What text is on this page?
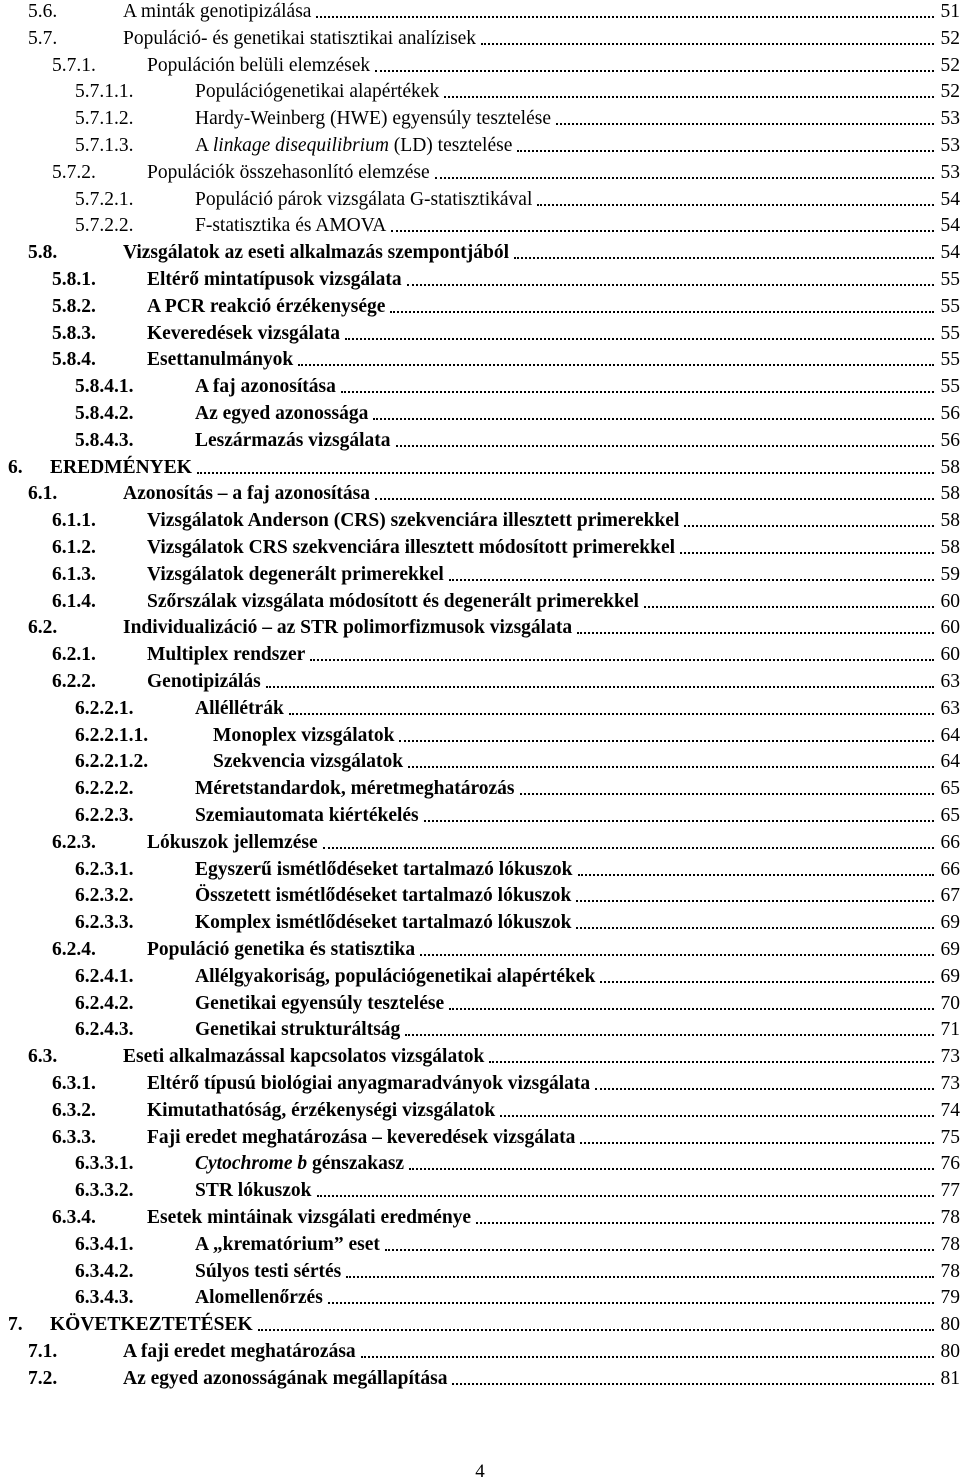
5.6.	A minták genotipizálása	51
5.7.	Populáció- és genetikai statisztikai analízisek	52
5.7.1.	Populáción belüli elemzések	52
5.7.1.1.	Populációgenetikai alapértékek	52
5.7.1.2.	Hardy-Weinberg (HWE) egyensúly tesztelése	53
5.7.1.3.	A linkage disequilibrium (LD) tesztelése	53
5.7.2.	Populációk összehasonlító elemzése	53
5.7.2.1.	Populáció párok vizsgálata G-statisztikával	54
5.7.2.2.	F-statisztika és AMOVA	54
5.8.	Vizsgálatok az eseti alkalmazás szempontjából	54
5.8.1.	Eltérő mintatípusok vizsgálata	55
5.8.2.	A PCR reakció érzékenysége	55
5.8.3.	Keveredések vizsgálata	55
5.8.4.	Esettanulmányok	55
5.8.4.1.	A faj azonosítása	55
5.8.4.2.	Az egyed azonossága	56
5.8.4.3.	Leszármazás vizsgálata	56
6. EREDMÉNYEK	58
6.1.	Azonosítás – a faj azonosítása	58
6.1.1.	Vizsgálatok Anderson (CRS) szekvenciára illesztett primerekkel	58
6.1.2.	Vizsgálatok CRS szekvenciára illesztett módosított primerekkel	58
6.1.3.	Vizsgálatok degenerált primerekkel	59
6.1.4.	Szőrszálak vizsgálata módosított és degenerált primerekkel	60
6.2.	Individualizáció – az STR polimorfizmusok vizsgálata	60
6.2.1.	Multiplex rendszer	60
6.2.2.	Genotipizálás	63
6.2.2.1.	Alléllétrák	63
6.2.2.1.1.	Monoplex vizsgálatok	64
6.2.2.1.2.	Szekvencia vizsgálatok	64
6.2.2.2.	Méretstandardok, méretmeghatározás	65
6.2.2.3.	Szemiautomata kiértékelés	65
6.2.3.	Lókuszok jellemzése	66
6.2.3.1.	Egyszerű ismétlődéseket tartalmazó lókuszok	66
6.2.3.2.	Összetett ismétlődéseket tartalmazó lókuszok	67
6.2.3.3.	Komplex ismétlődéseket tartalmazó lókuszok	69
6.2.4.	Populáció genetika és statisztika	69
6.2.4.1.	Allélgyakoriság, populációgenetikai alapértékek	69
6.2.4.2.	Genetikai egyensúly tesztelése	70
6.2.4.3.	Genetikai strukturáltság	71
6.3.	Eseti alkalmazással kapcsolatos vizsgálatok	73
6.3.1.	Eltérő típusú biológiai anyagmaradványok vizsgálata	73
6.3.2.	Kimutathatóság, érzékenységi vizsgálatok	74
6.3.3.	Faji eredet meghatározása – keveredések vizsgálata	75
6.3.3.1.	Cytochrome b génszakasz	76
6.3.3.2.	STR lókuszok	77
6.3.4.	Esetek mintáinak vizsgálati eredménye	78
6.3.4.1.	A „krematórium” eset	78
6.3.4.2.	Súlyos testi sértés	78
6.3.4.3.	Alomellenőrzés	79
7. KÖVETKEZTETÉSEK	80
7.1.	A faji eredet meghatározása	80
7.2.	Az egyed azonosságának megállapítása	81
4
